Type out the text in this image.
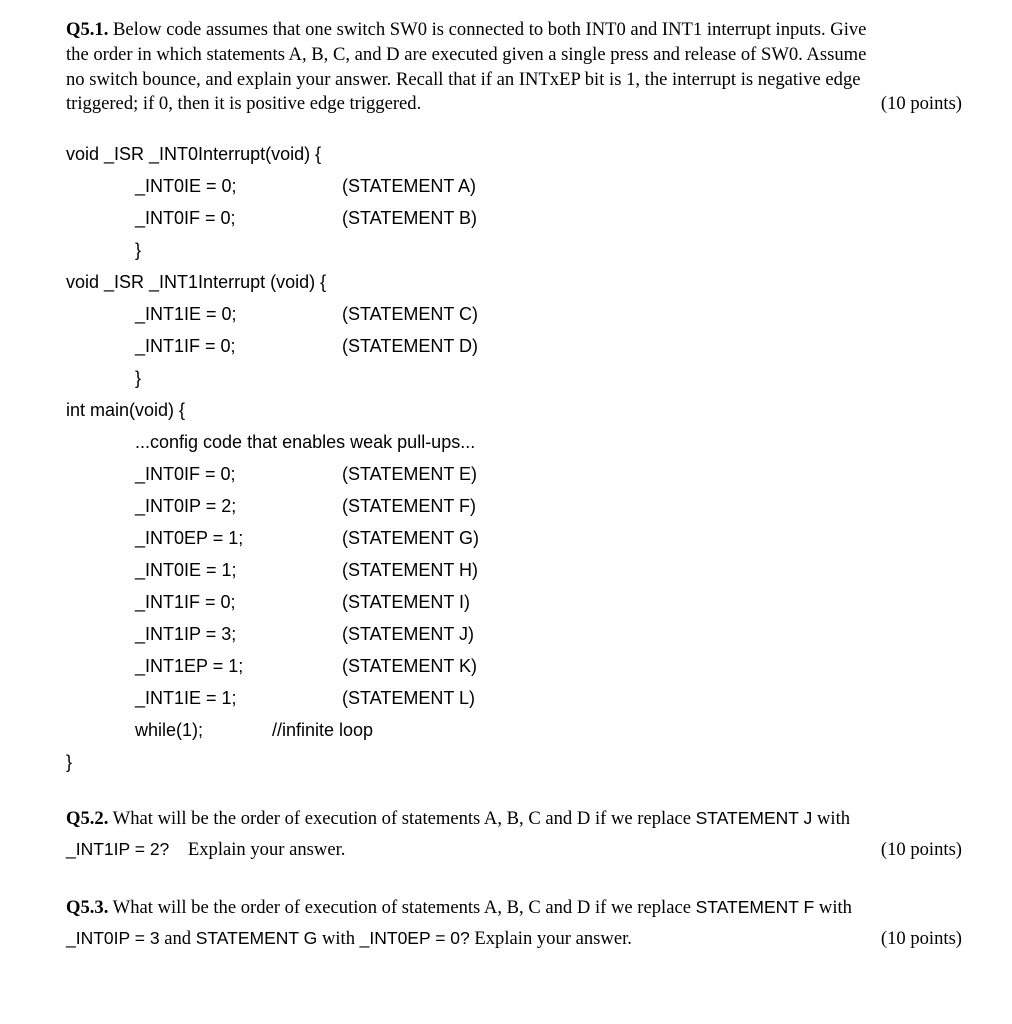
Q5.1. Below code assumes that one switch SW0 is connected to both INT0 and INT1 interrupt inputs. Give
the order in which statements A, B, C, and D are executed given a single press and release of SW0. Assume
no switch bounce, and explain your answer. Recall that if an INTxEP bit is 1, the interrupt is negative edge
triggered; if 0, then it is positive edge triggered.	(10 points)
void _ISR _INT0Interrupt(void) {
_INT0IE = 0;	(STATEMENT A)
_INT0IF = 0;	(STATEMENT B)
}
void _ISR _INT1Interrupt (void) {
_INT1IE = 0;	(STATEMENT C)
_INT1IF = 0;	(STATEMENT D)
}
int main(void) {
...config code that enables weak pull-ups...
_INT0IF = 0;	(STATEMENT E)
_INT0IP = 2;	(STATEMENT F)
_INT0EP = 1;	(STATEMENT G)
_INT0IE = 1;	(STATEMENT H)
_INT1IF = 0;	(STATEMENT I)
_INT1IP = 3;	(STATEMENT J)
_INT1EP = 1;	(STATEMENT K)
_INT1IE = 1;	(STATEMENT L)
while(1);	//infinite loop
}
Q5.2. What will be the order of execution of statements A, B, C and D if we replace STATEMENT J with
_INT1IP = 2? Explain your answer.	(10 points)
Q5.3. What will be the order of execution of statements A, B, C and D if we replace STATEMENT F with
_INT0IP = 3 and STATEMENT G with _INT0EP = 0? Explain your answer.	(10 points)
